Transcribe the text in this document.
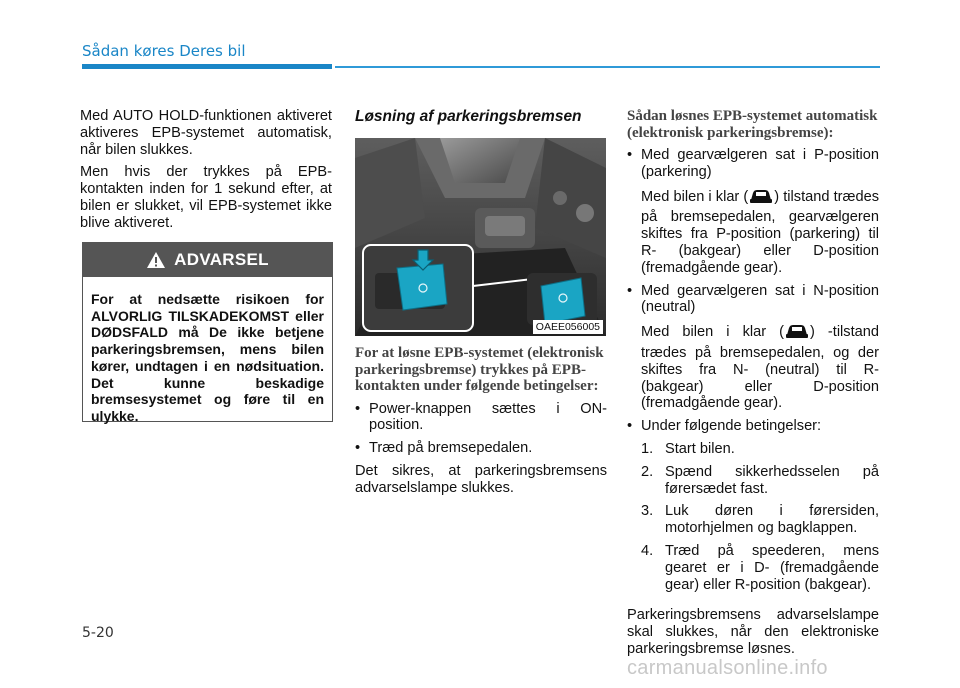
Sådan køres Deres bil

Med AUTO HOLD-funktionen aktiveret aktiveres EPB-systemet automatisk, når bilen slukkes.

Men hvis der trykkes på EPB-kontakten inden for 1 sekund efter, at bilen er slukket, vil EPB-systemet ikke blive aktiveret.

ADVARSEL
For at nedsætte risikoen for ALVORLIG TILSKADEKOMST eller DØDSFALD må De ikke betjene parkeringsbremsen, mens bilen kører, undtagen i en nødsituation. Det kunne beskadige bremsesystemet og føre til en ulykke.
Løsning af parkeringsbremsen
OAEE056005
For at løsne EPB-systemet (elektronisk parkeringsbremse) trykkes på EPB-kontakten under følgende betingelser:
• Power-knappen sættes i ON-position.
• Træd på bremsepedalen.

Det sikres, at parkeringsbremsens advarselslampe slukkes.

Sådan løsnes EPB-systemet automatisk (elektronisk parkeringsbremse):
• Med gearvælgeren sat i P-position (parkering)
Med bilen i klar ( ) tilstand trædes på bremsepedalen, gearvælgeren skiftes fra P-position (parkering) til R- (bakgear) eller D-position (fremadgående gear).
• Med gearvælgeren sat i N-position (neutral)
Med bilen i klar ( ) -tilstand trædes på bremsepedalen, og der skiftes fra N- (neutral) til R- (bakgear) eller D-position (fremadgående gear).
• Under følgende betingelser:
1. Start bilen.
2. Spænd sikkerhedsselen på førersædet fast.
3. Luk døren i førersiden, motorhjelmen og bagklappen.
4. Træd på speederen, mens gearet er i D- (fremadgående gear) eller R-position (bakgear).

Parkeringsbremsens advarselslampe skal slukkes, når den elektroniske parkeringsbremse løsnes.

5-20
carmanualsonline.info
